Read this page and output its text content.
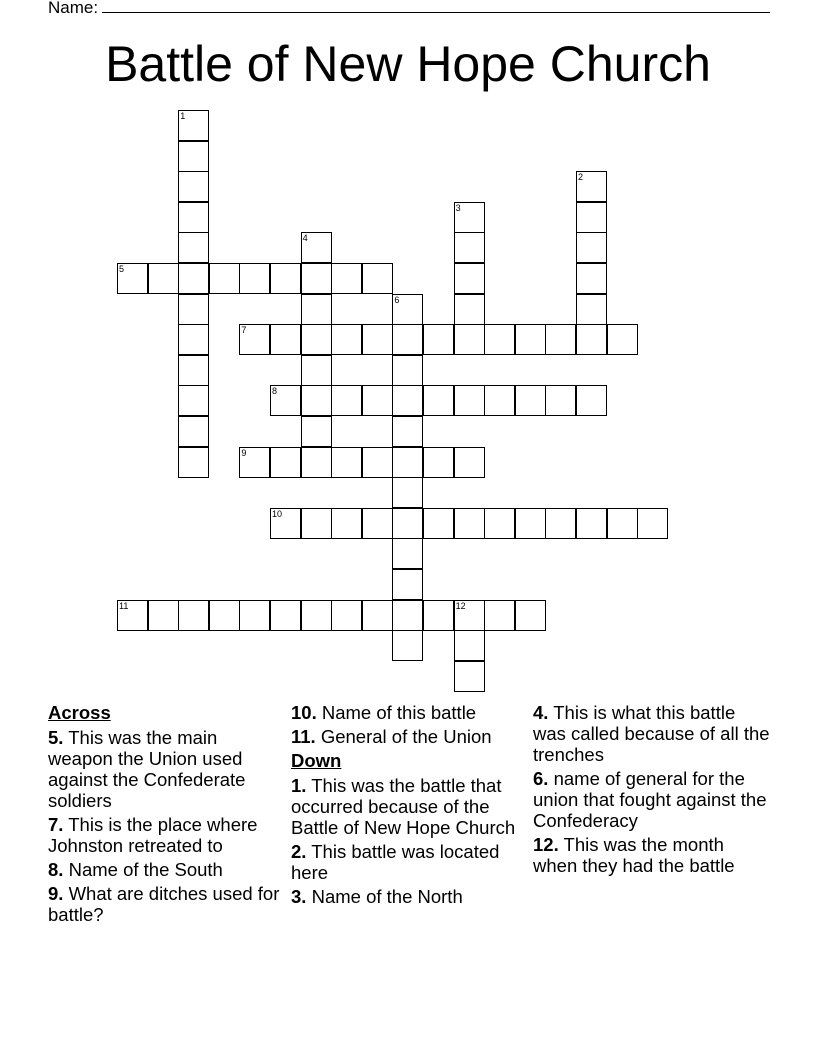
Name:
Battle of New Hope Church
1
2
3
4
5
6
7
8
9
10
11	12
Across
5. This was the main weapon the Union used against the Confederate soldiers
7. This is the place where Johnston retreated to
8. Name of the South
9. What are ditches used for battle?
10. Name of this battle
11. General of the Union
Down
1. This was the battle that occurred because of the Battle of New Hope Church
2. This battle was located here
3. Name of the North
4. This is what this battle was called because of all the trenches
6. name of general for the union that fought against the Confederacy
12. This was the month when they had the battle
